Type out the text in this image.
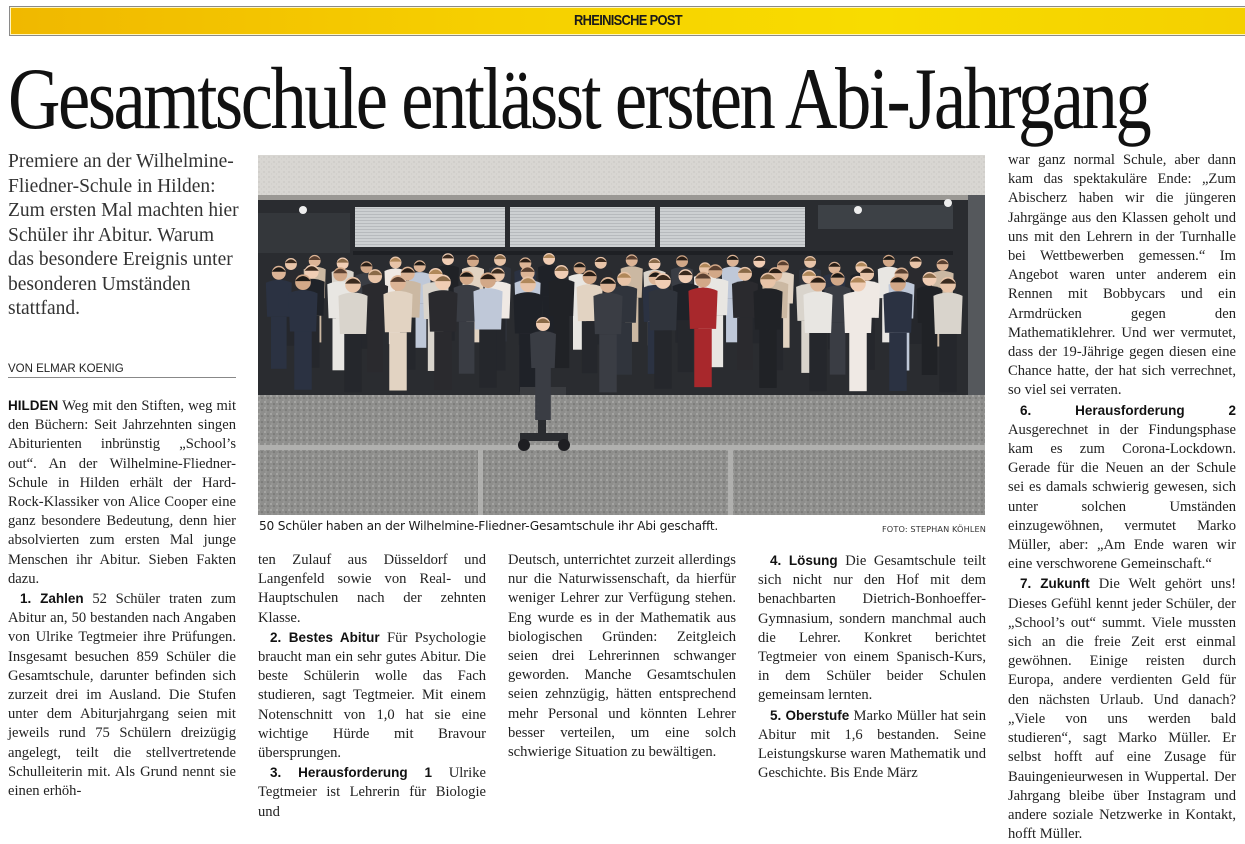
RHEINISCHE POST
Gesamtschule entlässt ersten Abi-Jahrgang
Premiere an der Wilhelmine-Fliedner-Schule in Hilden: Zum ersten Mal machten hier Schüler ihr Abitur. Warum das besondere Ereignis unter besonderen Umständen stattfand.
VON ELMAR KOENIG
50 Schüler haben an der Wilhelmine-Fliedner-Gesamtschule ihr Abi geschafft.	FOTO: STEPHAN KÖHLEN

HILDEN Weg mit den Stiften, weg mit den Büchern: Seit Jahrzehnten singen Abiturienten inbrünstig „School’s out“. An der Wilhelmine-Fliedner-Schule in Hilden erhält der Hard-Rock-Klassiker von Alice Cooper eine ganz besondere Bedeutung, denn hier absolvierten zum ersten Mal junge Menschen ihr Abitur. Sieben Fakten dazu.

1. Zahlen 52 Schüler traten zum Abitur an, 50 bestanden nach Angaben von Ulrike Tegtmeier ihre Prüfungen. Insgesamt besuchen 859 Schüler die Gesamtschule, darunter befinden sich zurzeit drei im Ausland. Die Stufen unter dem Abiturjahrgang seien mit jeweils rund 75 Schülern dreizügig angelegt, teilt die stellvertretende Schulleiterin mit. Als Grund nennt sie einen erhöh-

ten Zulauf aus Düsseldorf und Langenfeld sowie von Real- und Hauptschulen nach der zehnten Klasse.

2. Bestes Abitur Für Psychologie braucht man ein sehr gutes Abitur. Die beste Schülerin wolle das Fach studieren, sagt Tegtmeier. Mit einem Notenschnitt von 1,0 hat sie eine wichtige Hürde mit Bravour übersprungen.

3. Herausforderung 1 Ulrike Tegtmeier ist Lehrerin für Biologie und

Deutsch, unterrichtet zurzeit allerdings nur die Naturwissenschaft, da hierfür weniger Lehrer zur Verfügung stehen. Eng wurde es in der Mathematik aus biologischen Gründen: Zeitgleich seien drei Lehrerinnen schwanger geworden. Manche Gesamtschulen seien zehnzügig, hätten entsprechend mehr Personal und könnten Lehrer besser verteilen, um eine solch schwierige Situation zu bewältigen.

4. Lösung Die Gesamtschule teilt sich nicht nur den Hof mit dem benachbarten Dietrich-Bonhoeffer-Gymnasium, sondern manchmal auch die Lehrer. Konkret berichtet Tegtmeier von einem Spanisch-Kurs, in dem Schüler beider Schulen gemeinsam lernten.

5. Oberstufe Marko Müller hat sein Abitur mit 1,6 bestanden. Seine Leistungskurse waren Mathematik und Geschichte. Bis Ende März

war ganz normal Schule, aber dann kam das spektakuläre Ende: „Zum Abischerz haben wir die jüngeren Jahrgänge aus den Klassen geholt und uns mit den Lehrern in der Turnhalle bei Wettbewerben gemessen.“ Im Angebot waren unter anderem ein Rennen mit Bobbycars und ein Armdrücken gegen den Mathematiklehrer. Und wer vermutet, dass der 19-Jährige gegen diesen eine Chance hatte, der hat sich verrechnet, so viel sei verraten.

6. Herausforderung 2 Ausgerechnet in der Findungsphase kam es zum Corona-Lockdown. Gerade für die Neuen an der Schule sei es damals schwierig gewesen, sich unter solchen Umständen einzugewöhnen, vermutet Marko Müller, aber: „Am Ende waren wir eine verschworene Gemeinschaft.“

7. Zukunft Die Welt gehört uns! Dieses Gefühl kennt jeder Schüler, der „School’s out“ summt. Viele mussten sich an die freie Zeit erst einmal gewöhnen. Einige reisten durch Europa, andere verdienten Geld für den nächsten Urlaub. Und danach? „Viele von uns werden bald studieren“, sagt Marko Müller. Er selbst hofft auf eine Zusage für Bauingenieurwesen in Wuppertal. Der Jahrgang bleibe über Instagram und andere soziale Netzwerke in Kontakt, hofft Müller.
